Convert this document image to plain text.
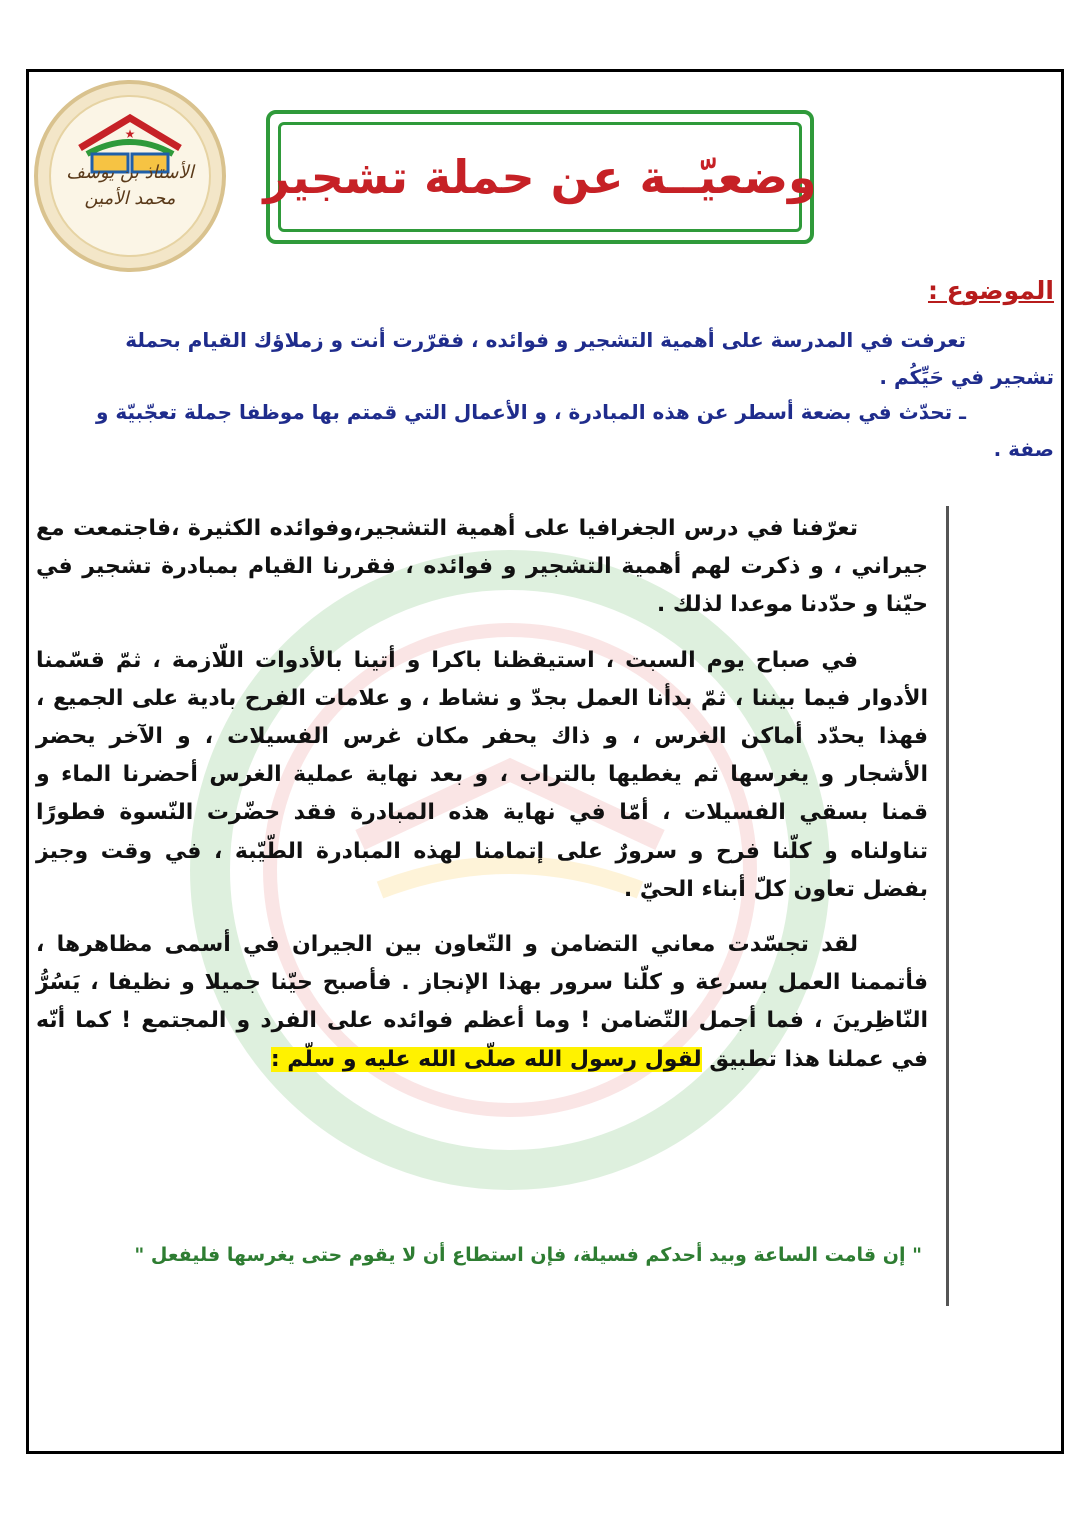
★
الأستاذ بن يوسف
محمد الأمين	وضعيّــة عن حملة تشجير
الموضوع :
تعرفت في المدرسة على أهمية التشجير و فوائده ، فقرّرت أنت و زملاؤك القيام بحملة تشجير في حَيِّكُم .
ـ تحدّث في بضعة أسطر عن هذه المبادرة ، و الأعمال التي قمتم بها موظفا جملة تعجّبيّة و صفة .

تعرّفنا في درس الجغرافيا على أهمية التشجير،وفوائده الكثيرة ،فاجتمعت مع جيراني ، و ذكرت لهم أهمية التشجير و فوائده ، فقررنا القيام بمبادرة تشجير في حيّنا و حدّدنا موعدا لذلك .

في صباح يوم السبت ، استيقظنا باكرا و أتينا بالأدوات اللّازمة ، ثمّ قسّمنا الأدوار فيما بيننا ، ثمّ بدأنا العمل بجدّ و نشاط ، و علامات الفرح بادية على الجميع ، فهذا يحدّد أماكن الغرس ، و ذاك يحفر مكان غرس الفسيلات ، و الآخر يحضر الأشجار و يغرسها ثم يغطيها بالتراب ، و بعد نهاية عملية الغرس أحضرنا الماء و قمنا بسقي الفسيلات ، أمّا في نهاية هذه المبادرة فقد حضّرت النّسوة فطورًا تناولناه و كلّنا فرح و سرورٌ على إتمامنا لهذه المبادرة الطّيّبة ، في وقت وجيز بفضل تعاون كلّ أبناء الحيّ .

لقد تجسّدت معاني التضامن و التّعاون بين الجيران في أسمى مظاهرها ، فأتممنا العمل بسرعة و كلّنا سرور بهذا الإنجاز . فأصبح حيّنا جميلا و نظيفا ، يَسُرُّ النّاظِرينَ ، فما أجمل التّضامن ! وما أعظم فوائده على الفرد و المجتمع ! كما أنّه في عملنا هذا تطبيق لقول رسول الله صلّى الله عليه و سلّم :

" إن قامت الساعة وبيد أحدكم فسيلة، فإن استطاع أن لا يقوم حتى يغرسها فليفعل "
